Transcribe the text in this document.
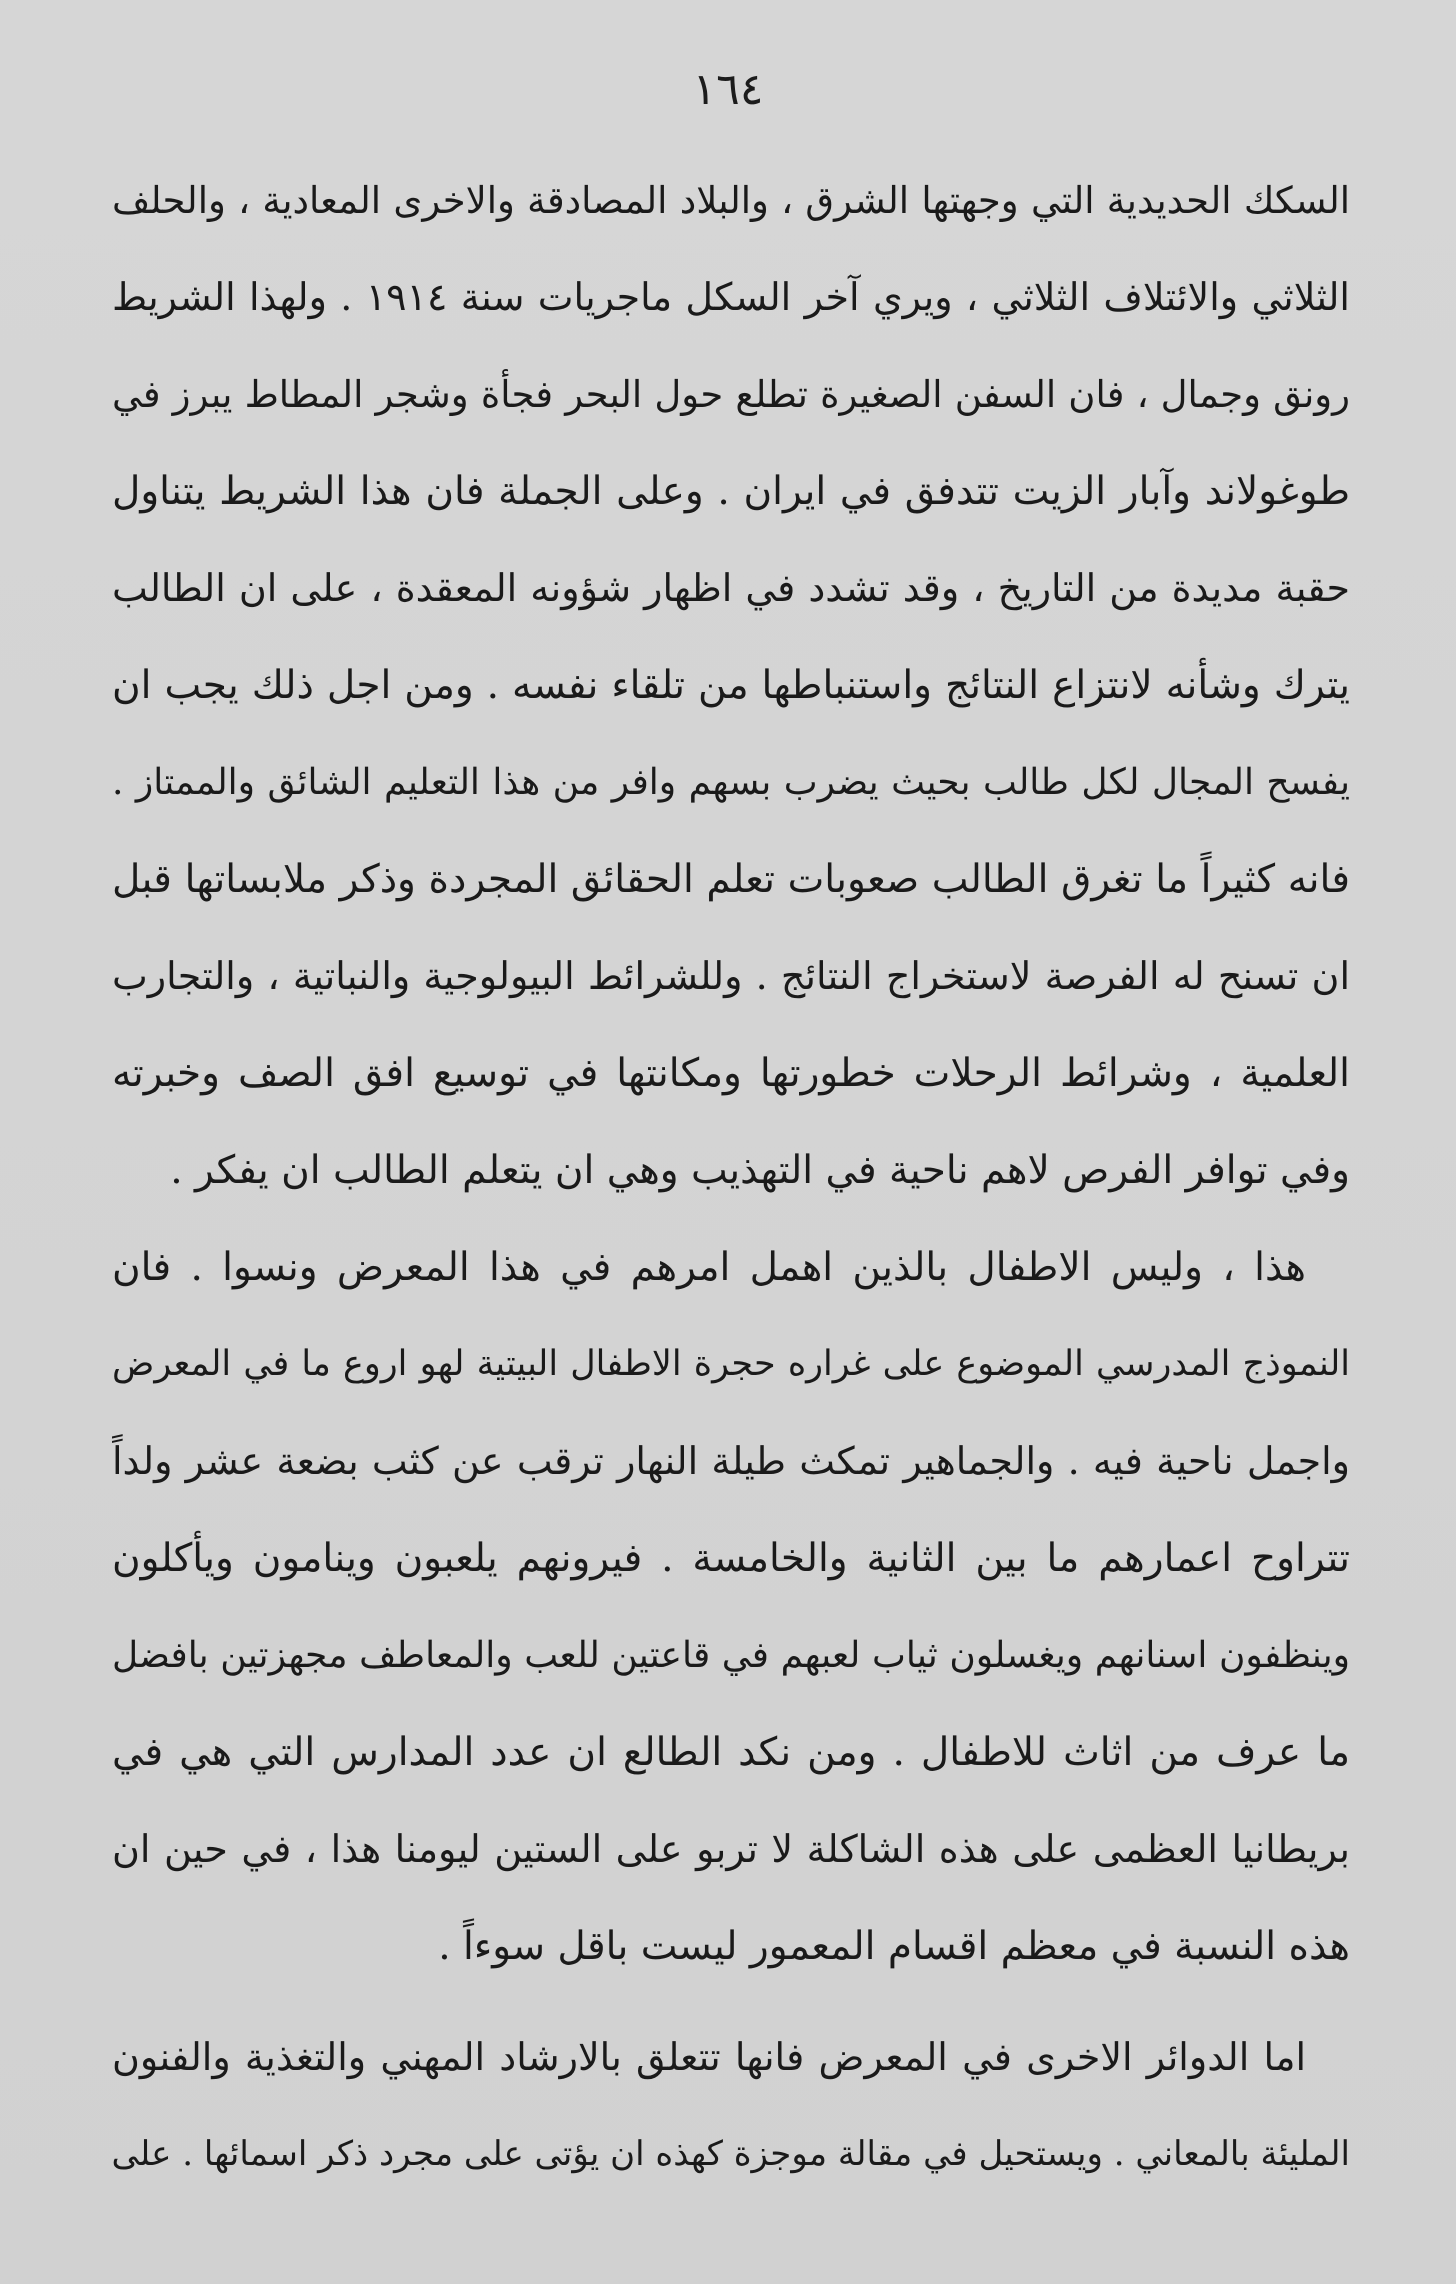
١٦٤
السكك الحديدية التي وجهتها الشرق ، والبلاد المصادقة والاخرى المعادية ، والحلف
الثلاثي والائتلاف الثلاثي ، ويري آخر السكل ماجريات سنة ١٩١٤ . ولهذا الشريط
رونق وجمال ، فان السفن الصغيرة تطلع حول البحر فجأة وشجر المطاط يبرز في
طوغولاند وآبار الزيت تتدفق في ايران . وعلى الجملة فان هذا الشريط يتناول
حقبة مديدة من التاريخ ، وقد تشدد في اظهار شؤونه المعقدة ، على ان الطالب
يترك وشأنه لانتزاع النتائج واستنباطها من تلقاء نفسه . ومن اجل ذلك يجب ان
يفسح المجال لكل طالب بحيث يضرب بسهم وافر من هذا التعليم الشائق والممتاز .
فانه كثيراً ما تغرق الطالب صعوبات تعلم الحقائق المجردة وذكر ملابساتها قبل
ان تسنح له الفرصة لاستخراج النتائج . وللشرائط البيولوجية والنباتية ، والتجارب
العلمية ، وشرائط الرحلات خطورتها ومكانتها في توسيع افق الصف وخبرته
وفي توافر الفرص لاهم ناحية في التهذيب وهي ان يتعلم الطالب ان يفكر .
هذا ، وليس الاطفال بالذين اهمل امرهم في هذا المعرض ونسوا . فان
النموذج المدرسي الموضوع على غراره حجرة الاطفال البيتية لهو اروع ما في المعرض
واجمل ناحية فيه . والجماهير تمكث طيلة النهار ترقب عن كثب بضعة عشر ولداً
تتراوح اعمارهم ما بين الثانية والخامسة . فيرونهم يلعبون وينامون ويأكلون
وينظفون اسنانهم ويغسلون ثياب لعبهم في قاعتين للعب والمعاطف مجهزتين بافضل
ما عرف من اثاث للاطفال . ومن نكد الطالع ان عدد المدارس التي هي في
بريطانيا العظمى على هذه الشاكلة لا تربو على الستين ليومنا هذا ، في حين ان
هذه النسبة في معظم اقسام المعمور ليست باقل سوءاً .
اما الدوائر الاخرى في المعرض فانها تتعلق بالارشاد المهني والتغذية والفنون
المليئة بالمعاني . ويستحيل في مقالة موجزة كهذه ان يؤتى على مجرد ذكر اسمائها . على
